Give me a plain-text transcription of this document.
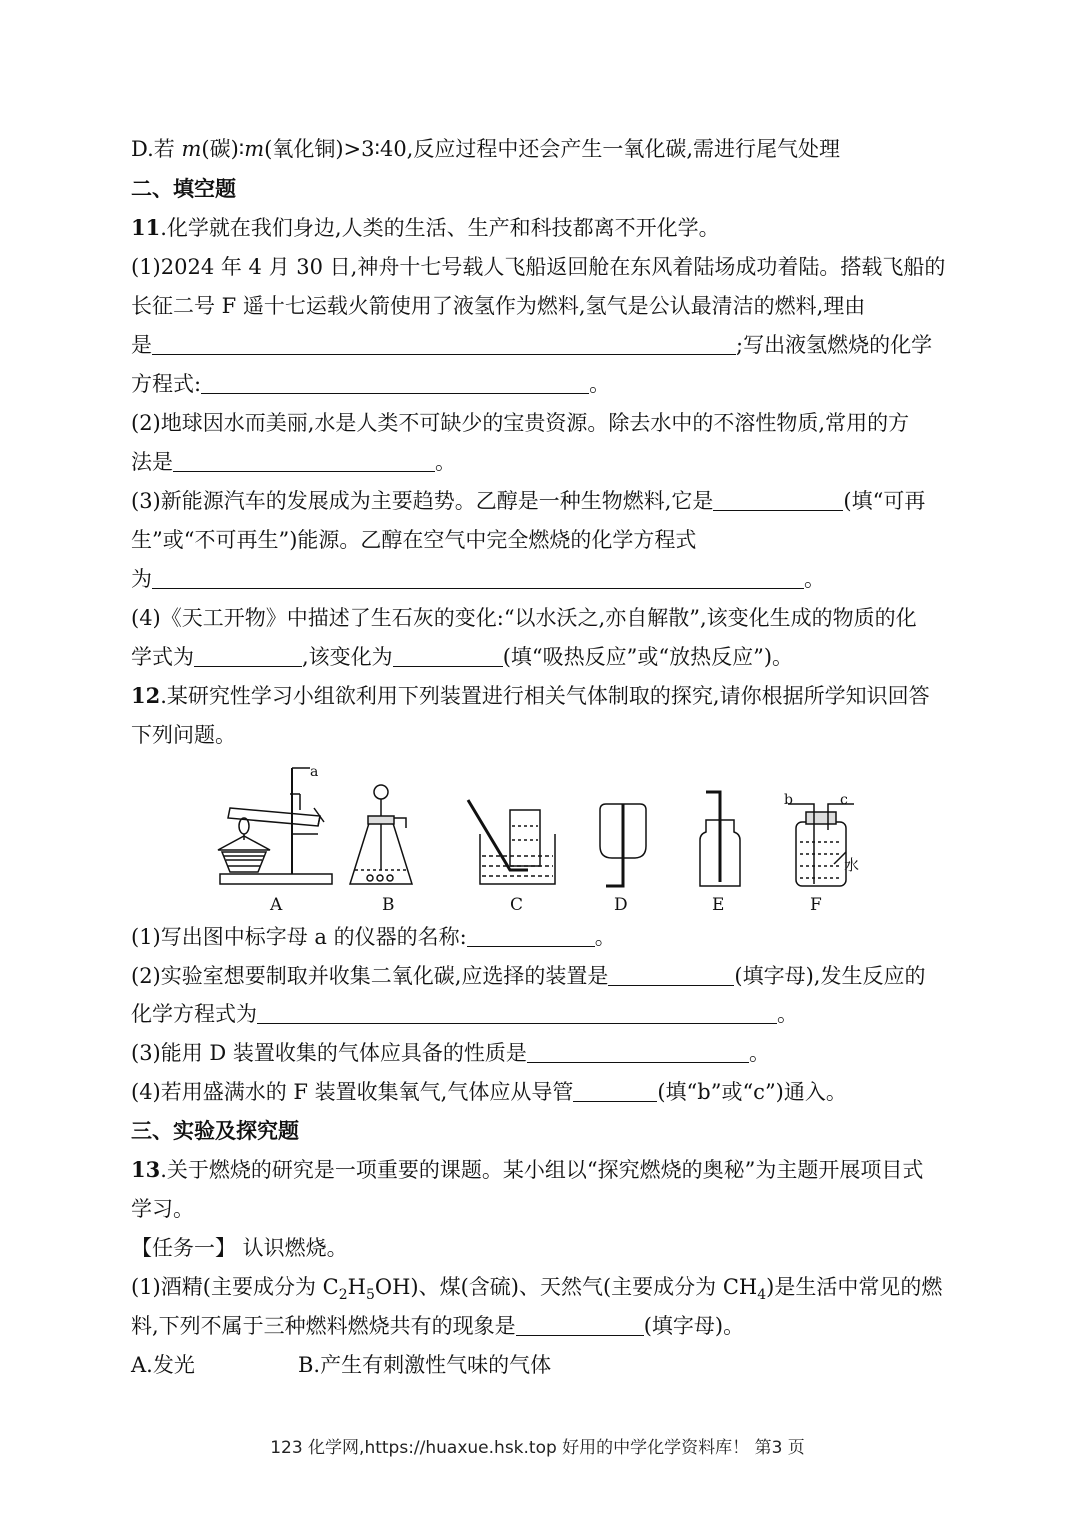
D.若 m(碳)∶m(氧化铜)>3∶40,反应过程中还会产生一氧化碳,需进行尾气处理
二、填空题
11.化学就在我们身边,人类的生活、生产和科技都离不开化学。
(1)2024 年 4 月 30 日,神舟十七号载人飞船返回舱在东风着陆场成功着陆。搭载飞船的
长征二号 F 遥十七运载火箭使用了液氢作为燃料,氢气是公认最清洁的燃料,理由
是	;写出液氢燃烧的化学
方程式:	。
(2)地球因水而美丽,水是人类不可缺少的宝贵资源。除去水中的不溶性物质,常用的方
法是	。
(3)新能源汽车的发展成为主要趋势。乙醇是一种生物燃料,它是	(填“可再
生”或“不可再生”)能源。乙醇在空气中完全燃烧的化学方程式
为	。
(4)《天工开物》中描述了生石灰的变化:“以水沃之,亦自解散”,该变化生成的物质的化
学式为	,该变化为	(填“吸热反应”或“放热反应”)。
12.某研究性学习小组欲利用下列装置进行相关气体制取的探究,请你根据所学知识回答
下列问题。
a
b	c
水
A	B	C	D	E	F
(1)写出图中标字母 a 的仪器的名称:	。
(2)实验室想要制取并收集二氧化碳,应选择的装置是	(填字母),发生反应的
化学方程式为	。
(3)能用 D 装置收集的气体应具备的性质是	。
(4)若用盛满水的 F 装置收集氧气,气体应从导管	(填“b”或“c”)通入。
三、实验及探究题
13.关于燃烧的研究是一项重要的课题。某小组以“探究燃烧的奥秘”为主题开展项目式
学习。
【任务一】 认识燃烧。
(1)酒精(主要成分为 $C_2H_5OH$)、煤(含硫)、天然气(主要成分为 $CH_4$)是生活中常见的燃
料,下列不属于三种燃料燃烧共有的现象是	(填字母)。
A.发光	B.产生有刺激性气味的气体
123 化学网,https://huaxue.hsk.top 好用的中学化学资料库！ 第3 页
